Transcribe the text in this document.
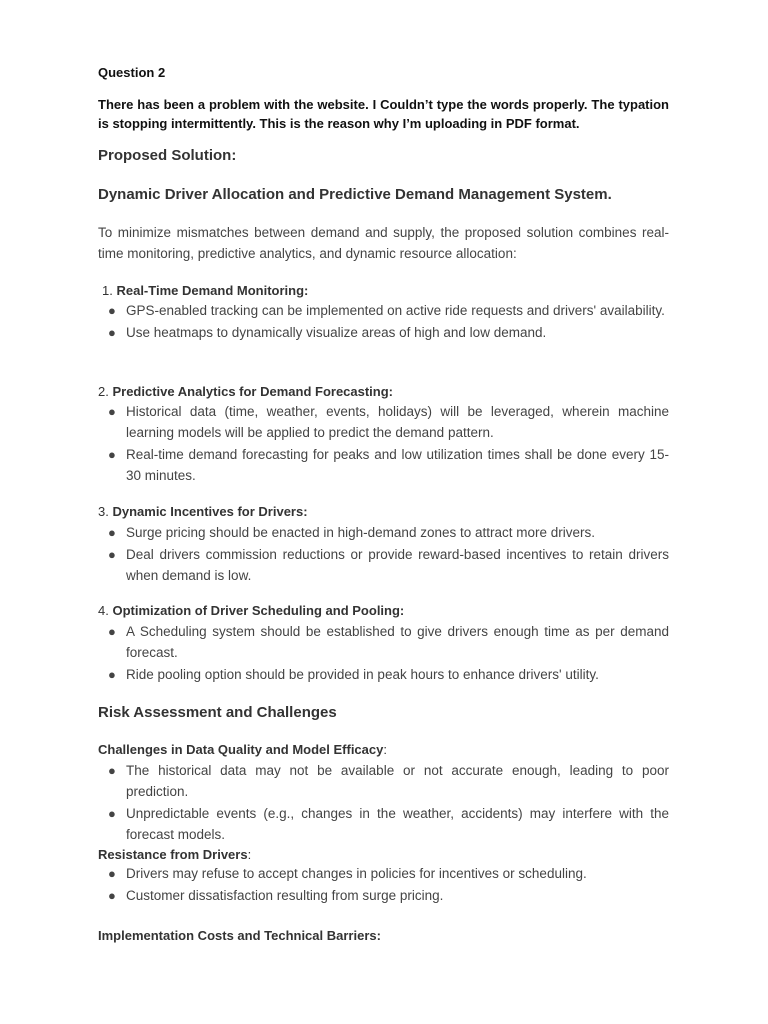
Question 2
There has been a problem with the website. I Couldn’t type the words properly. The typation is stopping intermittently. This is the reason why I’m uploading in PDF format.
Proposed Solution:
Dynamic Driver Allocation and Predictive Demand Management System.
To minimize mismatches between demand and supply, the proposed solution combines real-time monitoring, predictive analytics, and dynamic resource allocation:
1. Real-Time Demand Monitoring:
● GPS-enabled tracking can be implemented on active ride requests and drivers' availability.
● Use heatmaps to dynamically visualize areas of high and low demand.
2. Predictive Analytics for Demand Forecasting:
● Historical data (time, weather, events, holidays) will be leveraged, wherein machine learning models will be applied to predict the demand pattern.
● Real-time demand forecasting for peaks and low utilization times shall be done every 15-30 minutes.
3. Dynamic Incentives for Drivers:
● Surge pricing should be enacted in high-demand zones to attract more drivers.
● Deal drivers commission reductions or provide reward-based incentives to retain drivers when demand is low.
4. Optimization of Driver Scheduling and Pooling:
● A Scheduling system should be established to give drivers enough time as per demand forecast.
● Ride pooling option should be provided in peak hours to enhance drivers' utility.
Risk Assessment and Challenges
Challenges in Data Quality and Model Efficacy:
● The historical data may not be available or not accurate enough, leading to poor prediction.
● Unpredictable events (e.g., changes in the weather, accidents) may interfere with the forecast models.
Resistance from Drivers:
● Drivers may refuse to accept changes in policies for incentives or scheduling.
● Customer dissatisfaction resulting from surge pricing.
Implementation Costs and Technical Barriers:
